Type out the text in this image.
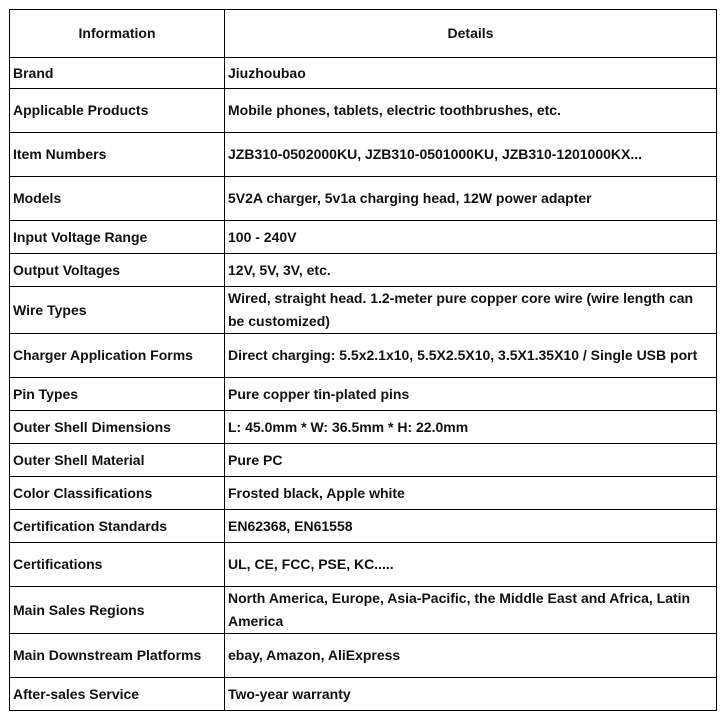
Information	Details
Brand	Jiuzhoubao
Applicable Products	Mobile phones, tablets, electric toothbrushes, etc.
Item Numbers	JZB310-0502000KU, JZB310-0501000KU, JZB310-1201000KX...
Models	5V2A charger, 5v1a charging head, 12W power adapter
Input Voltage Range	100 - 240V
Output Voltages	12V, 5V, 3V, etc.
Wire Types	Wired, straight head. 1.2-meter pure copper core wire (wire length can be customized)
Charger Application Forms	Direct charging: 5.5x2.1x10, 5.5X2.5X10, 3.5X1.35X10 / Single USB port
Pin Types	Pure copper tin-plated pins
Outer Shell Dimensions	L: 45.0mm * W: 36.5mm * H: 22.0mm
Outer Shell Material	Pure PC
Color Classifications	Frosted black, Apple white
Certification Standards	EN62368, EN61558
Certifications	UL, CE, FCC, PSE, KC.....
Main Sales Regions	North America, Europe, Asia-Pacific, the Middle East and Africa, Latin America
Main Downstream Platforms	ebay, Amazon, AliExpress
After-sales Service	Two-year warranty
